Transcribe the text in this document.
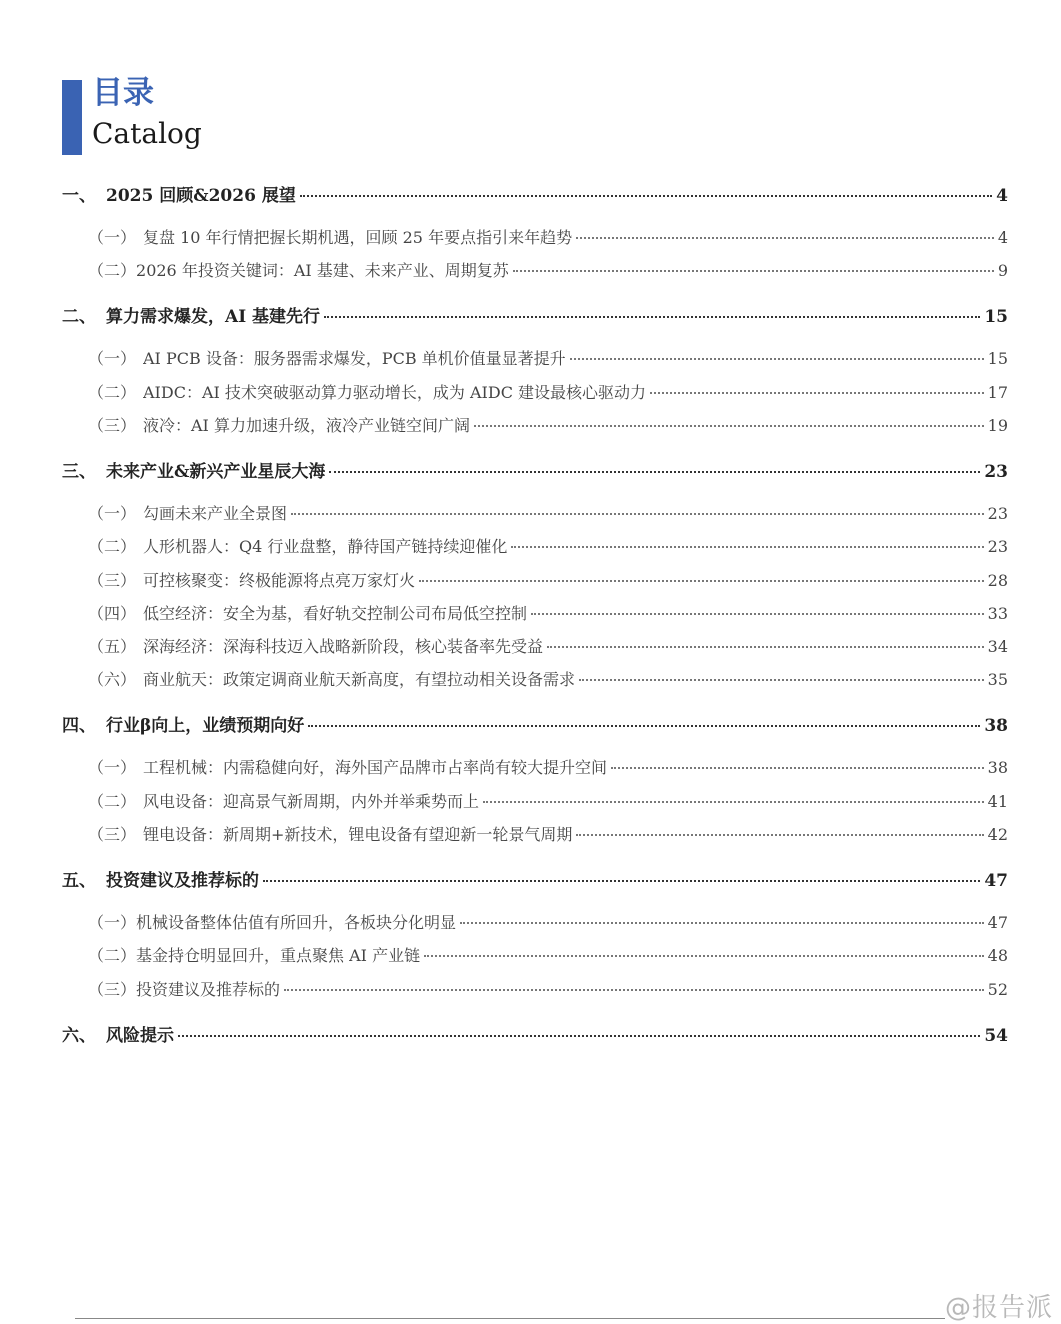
目录
Catalog
一、 2025 回顾&2026 展望	4
（一） 复盘 10 年行情把握长期机遇，回顾 25 年要点指引来年趋势	4
（二） 2026 年投资关键词：AI 基建、未来产业、周期复苏	9
二、 算力需求爆发，AI 基建先行	15
（一） AI PCB 设备：服务器需求爆发，PCB 单机价值量显著提升	15
（二） AIDC：AI 技术突破驱动算力驱动增长，成为 AIDC 建设最核心驱动力	17
（三） 液冷：AI 算力加速升级，液冷产业链空间广阔	19
三、 未来产业&新兴产业星辰大海	23
（一） 勾画未来产业全景图	23
（二） 人形机器人：Q4 行业盘整，静待国产链持续迎催化	23
（三） 可控核聚变：终极能源将点亮万家灯火	28
（四） 低空经济：安全为基，看好轨交控制公司布局低空控制	33
（五） 深海经济：深海科技迈入战略新阶段，核心装备率先受益	34
（六） 商业航天：政策定调商业航天新高度，有望拉动相关设备需求	35
四、 行业β向上，业绩预期向好	38
（一） 工程机械：内需稳健向好，海外国产品牌市占率尚有较大提升空间	38
（二） 风电设备：迎高景气新周期，内外并举乘势而上	41
（三） 锂电设备：新周期+新技术，锂电设备有望迎新一轮景气周期	42
五、 投资建议及推荐标的	47
（一） 机械设备整体估值有所回升，各板块分化明显	47
（二） 基金持仓明显回升，重点聚焦 AI 产业链	48
（三） 投资建议及推荐标的	52
六、 风险提示	54
@报告派
